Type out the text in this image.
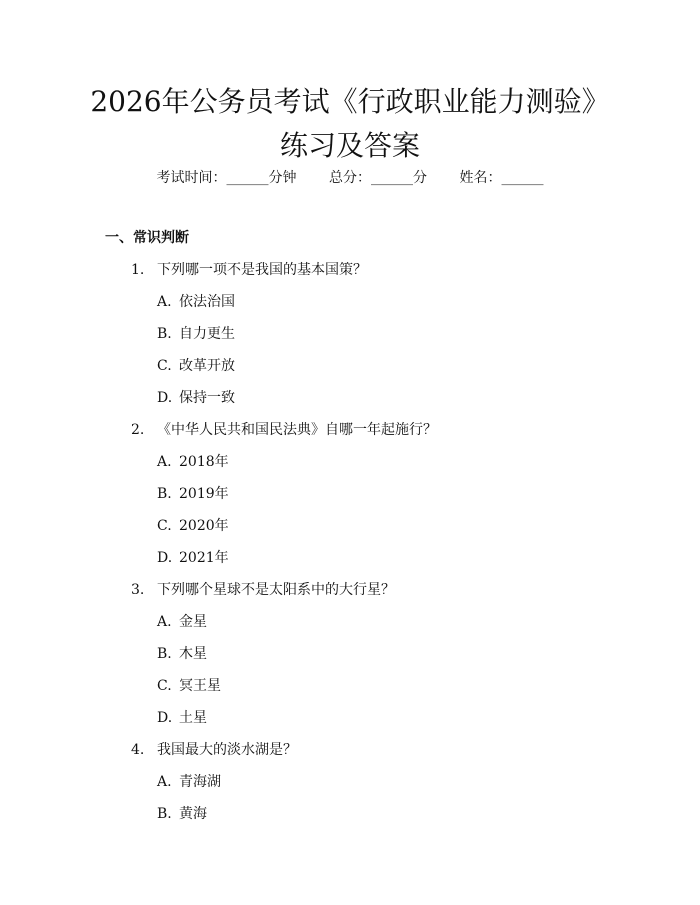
2026年公务员考试《行政职业能力测验》练习及答案
考试时间：______分钟 总分：______分 姓名：______
一、常识判断
1. 下列哪一项不是我国的基本国策？
A. 依法治国
B. 自力更生
C. 改革开放
D. 保持一致
2. 《中华人民共和国民法典》自哪一年起施行？
A. 2018年
B. 2019年
C. 2020年
D. 2021年
3. 下列哪个星球不是太阳系中的大行星？
A. 金星
B. 木星
C. 冥王星
D. 土星
4. 我国最大的淡水湖是？
A. 青海湖
B. 黄海
